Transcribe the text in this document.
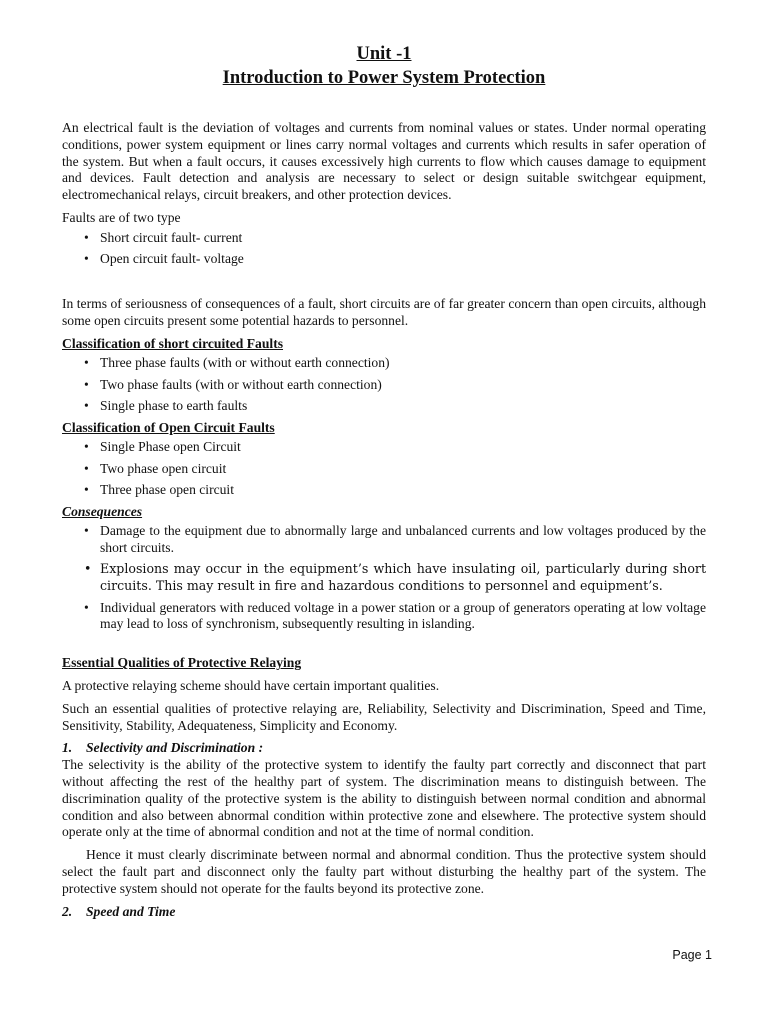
Unit -1
Introduction to Power System Protection

An electrical fault is the deviation of voltages and currents from nominal values or states. Under normal operating conditions, power system equipment or lines carry normal voltages and currents which results in safer operation of the system. But when a fault occurs, it causes excessively high currents to flow which causes damage to equipment and devices. Fault detection and analysis are necessary to select or design suitable switchgear equipment, electromechanical relays, circuit breakers, and other protection devices.

Faults are of two type

• Short circuit fault- current
• Open circuit fault- voltage

In terms of seriousness of consequences of a fault, short circuits are of far greater concern than open circuits, although some open circuits present some potential hazards to personnel.

Classification of short circuited Faults

• Three phase faults (with or without earth connection)
• Two phase faults (with or without earth connection)
• Single phase to earth faults

Classification of Open Circuit Faults

• Single Phase open Circuit
• Two phase open circuit
• Three phase open circuit

Consequences

• Damage to the equipment due to abnormally large and unbalanced currents and low voltages produced by the short circuits.
• Explosions may occur in the equipment’s which have insulating oil, particularly during short circuits. This may result in fire and hazardous conditions to personnel and equipment’s.
• Individual generators with reduced voltage in a power station or a group of generators operating at low voltage may lead to loss of synchronism, subsequently resulting in islanding.

Essential Qualities of Protective Relaying

A protective relaying scheme should have certain important qualities.

Such an essential qualities of protective relaying are, Reliability, Selectivity and Discrimination, Speed and Time, Sensitivity, Stability, Adequateness, Simplicity and Economy.

1. Selectivity and Discrimination :

The selectivity is the ability of the protective system to identify the faulty part correctly and disconnect that part without affecting the rest of the healthy part of system. The discrimination means to distinguish between. The discrimination quality of the protective system is the ability to distinguish between normal condition and abnormal condition and also between abnormal condition within protective zone and elsewhere. The protective system should operate only at the time of abnormal condition and not at the time of normal condition.

Hence it must clearly discriminate between normal and abnormal condition. Thus the protective system should select the fault part and disconnect only the faulty part without disturbing the healthy part of the system. The protective system should not operate for the faults beyond its protective zone.

2. Speed and Time
Page 1
